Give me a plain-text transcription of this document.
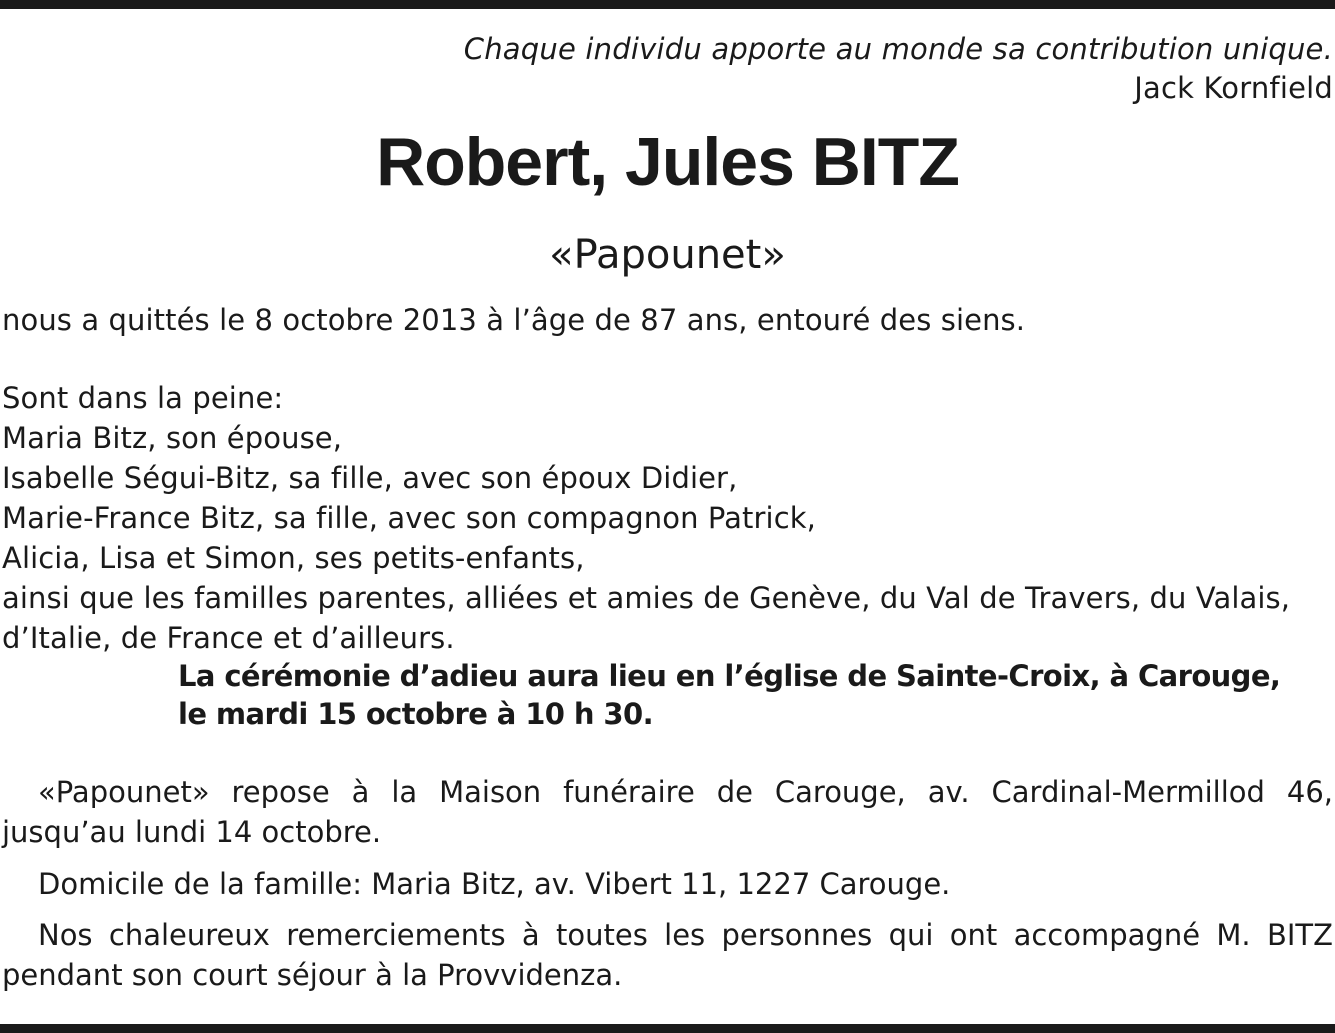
Chaque individu apporte au monde sa contribution unique.
Jack Kornfield
Robert, Jules BITZ
«Papounet»

nous a quittés le 8 octobre 2013 à l’âge de 87 ans, entouré des siens.

Sont dans la peine:

Maria Bitz, son épouse,

Isabelle Ségui-Bitz, sa fille, avec son époux Didier,

Marie-France Bitz, sa fille, avec son compagnon Patrick,

Alicia, Lisa et Simon, ses petits-enfants,

ainsi que les familles parentes, alliées et amies de Genève, du Val de Travers, du Valais,

d’Italie, de France et d’ailleurs.

La cérémonie d’adieu aura lieu en l’église de Sainte-Croix, à Carouge,
le mardi 15 octobre à 10 h 30.

«Papounet» repose à la Maison funéraire de Carouge, av. Cardinal-Mermillod 46, jusqu’au lundi 14 octobre.

Domicile de la famille: Maria Bitz, av. Vibert 11, 1227 Carouge.

Nos chaleureux remerciements à toutes les personnes qui ont accompagné M. BITZ pendant son court séjour à la Provvidenza.
